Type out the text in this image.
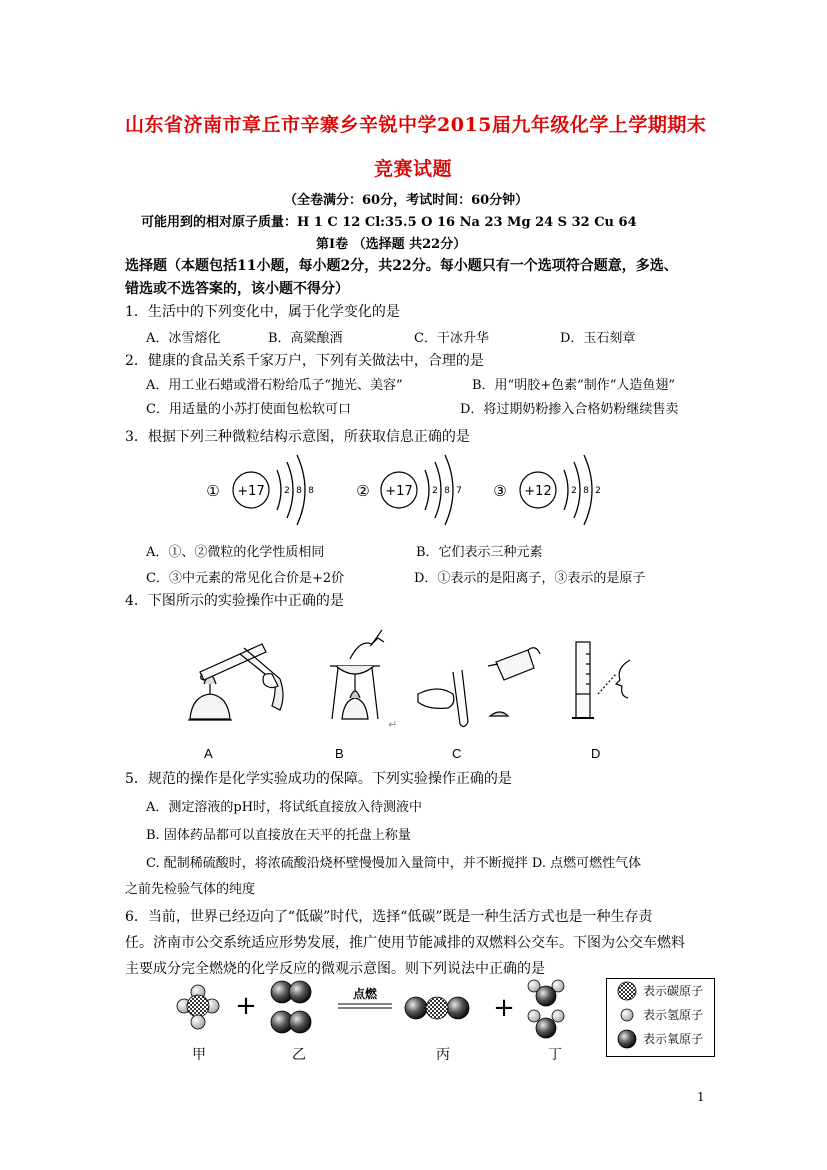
山东省济南市章丘市辛寨乡辛锐中学2015届九年级化学上学期期末
竞赛试题
（全卷满分：60分，考试时间：60分钟）
可能用到的相对原子质量：H 1 C 12 Cl:35.5 O 16 Na 23 Mg 24 S 32 Cu 64
第Ⅰ卷 （选择题 共22分）
选择题（本题包括11小题，每小题2分，共22分。每小题只有一个选项符合题意，多选、
错选或不选答案的，该小题不得分）
1．生活中的下列变化中，属于化学变化的是
A．冰雪熔化	B．高粱酿酒	C．干冰升华	D．玉石刻章
2．健康的食品关系千家万户，下列有关做法中，合理的是
A．用工业石蜡或滑石粉给瓜子“抛光、美容”	B．用“明胶+色素”制作“人造鱼翅”
C．用适量的小苏打使面包松软可口	D．将过期奶粉掺入合格奶粉继续售卖
3．根据下列三种微粒结构示意图，所获取信息正确的是
① +17 2 8 8	② +17 2 8 7 ③ +12 2 8 2
A．①、②微粒的化学性质相同	B．它们表示三种元素
C．③中元素的常见化合价是+2价	D．①表示的是阳离子，③表示的是原子
4．下图所示的实验操作中正确的是
↵
A	B	C	D
5．规范的操作是化学实验成功的保障。下列实验操作正确的是
A．测定溶液的pH时，将试纸直接放入待测液中
B. 固体药品都可以直接放在天平的托盘上称量
C. 配制稀硫酸时，将浓硫酸沿烧杯壁慢慢加入量筒中，并不断搅拌 D. 点燃可燃性气体
之前先检验气体的纯度
6．当前，世界已经迈向了“低碳”时代，选择“低碳”既是一种生活方式也是一种生存责
任。济南市公交系统适应形势发展，推广使用节能减排的双燃料公交车。下图为公交车燃料
主要成分完全燃烧的化学反应的微观示意图。则下列说法中正确的是
+	点燃	+
甲	乙	丙	丁
表示碳原子
表示氢原子
表示氧原子
1
